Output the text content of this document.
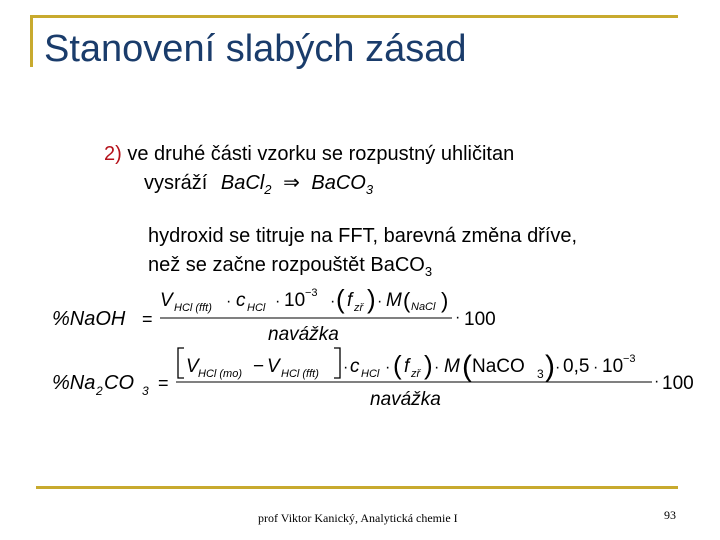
Stanovení slabých zásad
2) ve druhé části vzorku se rozpustný uhličitan
vysráží BaCl$_2$ ⇒ BaCO$_3$
hydroxid se titruje na FFT, barevná změna dříve,
než se začne rozpouštět BaCO$_3$
%NaOH =
V HCl (fft) · c HCl · 10 −3 · ( f zř ) · M ( NaCl )
navážka
· 100
%Na 2 CO 3 =
V HCl (mo) − V HCl (fft) · c HCl · ( f zř ) · M ( NaCO 3 ) · 0,5 · 10 −3
navážka
· 100
prof Viktor Kanický, Analytická chemie I	93
